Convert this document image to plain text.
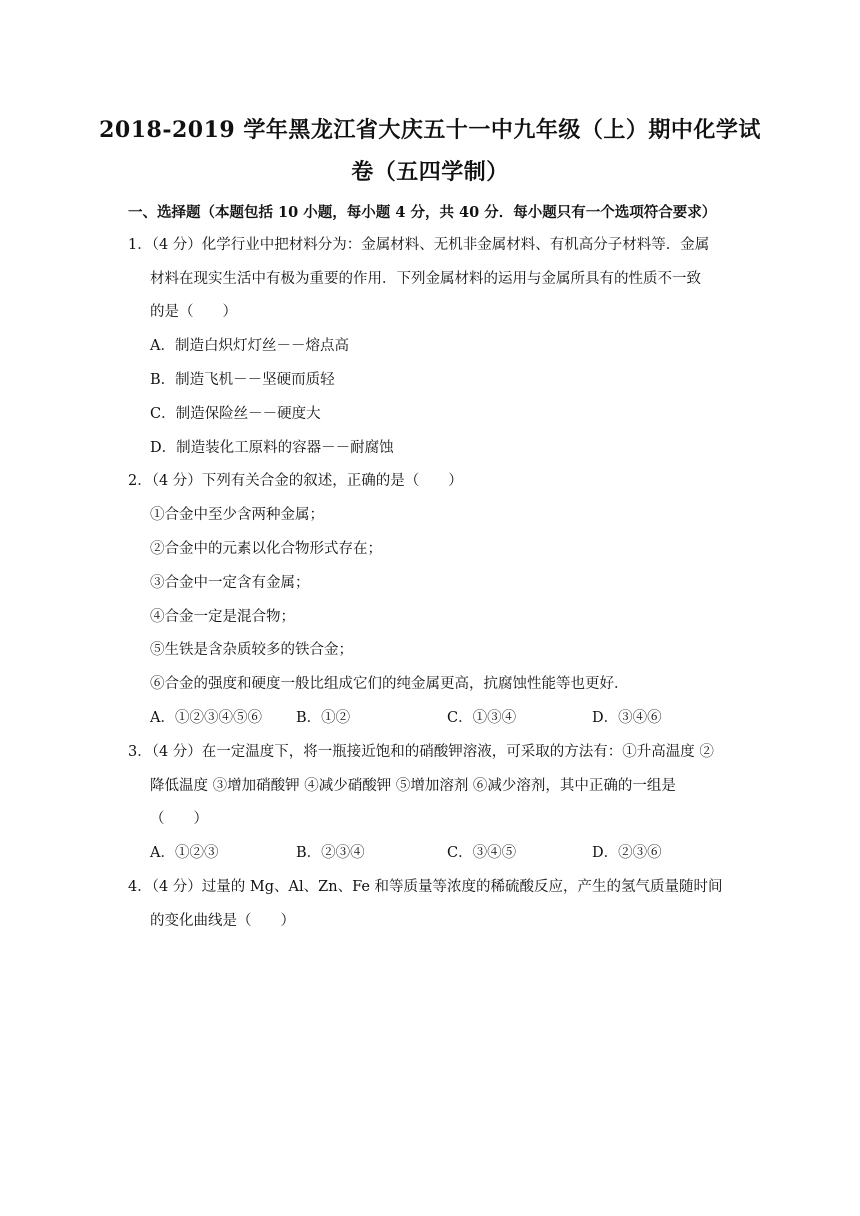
2018-2019 学年黑龙江省大庆五十一中九年级（上）期中化学试
卷（五四学制）
一、选择题（本题包括 10 小题，每小题 4 分，共 40 分．每小题只有一个选项符合要求）
1．（4 分）化学行业中把材料分为：金属材料、无机非金属材料、有机高分子材料等．金属
材料在现实生活中有极为重要的作用．下列金属材料的运用与金属所具有的性质不一致
的是（　　）
A．制造白炽灯灯丝－－熔点高
B．制造飞机－－坚硬而质轻
C．制造保险丝－－硬度大
D．制造装化工原料的容器－－耐腐蚀
2．（4 分）下列有关合金的叙述，正确的是（　　）
①合金中至少含两种金属；
②合金中的元素以化合物形式存在；
③合金中一定含有金属；
④合金一定是混合物；
⑤生铁是含杂质较多的铁合金；
⑥合金的强度和硬度一般比组成它们的纯金属更高，抗腐蚀性能等也更好．
A．①②③④⑤⑥ B．①②	C．①③④	D．③④⑥
3．（4 分）在一定温度下，将一瓶接近饱和的硝酸钾溶液，可采取的方法有：①升高温度 ②
降低温度 ③增加硝酸钾 ④减少硝酸钾 ⑤增加溶剂 ⑥减少溶剂，其中正确的一组是
（　　）
A．①②③	B．②③④	C．③④⑤	D．②③⑥
4．（4 分）过量的 Mg、Al、Zn、Fe 和等质量等浓度的稀硫酸反应，产生的氢气质量随时间
的变化曲线是（　　）
